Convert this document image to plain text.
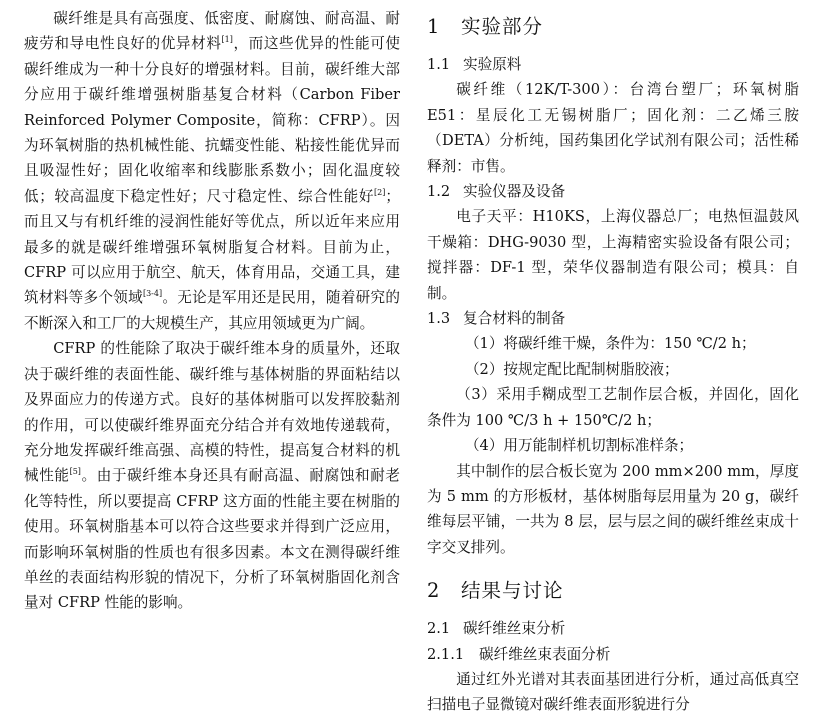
碳纤维是具有高强度、低密度、耐腐蚀、耐高温、耐疲劳和导电性良好的优异材料[1]，而这些优异的性能可使碳纤维成为一种十分良好的增强材料。目前，碳纤维大部分应用于碳纤维增强树脂基复合材料（Carbon Fiber Reinforced Polymer Composite，简称：CFRP）。因为环氧树脂的热机械性能、抗蠕变性能、粘接性能优异而且吸湿性好；固化收缩率和线膨胀系数小；固化温度较低；较高温度下稳定性好；尺寸稳定性、综合性能好[2]；而且又与有机纤维的浸润性能好等优点，所以近年来应用最多的就是碳纤维增强环氧树脂复合材料。目前为止，CFRP 可以应用于航空、航天，体育用品，交通工具，建筑材料等多个领域[3-4]。无论是军用还是民用，随着研究的不断深入和工厂的大规模生产，其应用领域更为广阔。

CFRP 的性能除了取决于碳纤维本身的质量外，还取决于碳纤维的表面性能、碳纤维与基体树脂的界面粘结以及界面应力的传递方式。良好的基体树脂可以发挥胶黏剂的作用，可以使碳纤维界面充分结合并有效地传递载荷，充分地发挥碳纤维高强、高模的特性，提高复合材料的机械性能[5]。由于碳纤维本身还具有耐高温、耐腐蚀和耐老化等特性，所以要提高 CFRP 这方面的性能主要在树脂的使用。环氧树脂基本可以符合这些要求并得到广泛应用，而影响环氧树脂的性质也有很多因素。本文在测得碳纤维单丝的表面结构形貌的情况下，分析了环氧树脂固化剂含量对 CFRP 性能的影响。

1 实验部分
1.1 实验原料

碳纤维（12K/T-300）：台湾台塑厂；环氧树脂 E51：星辰化工无锡树脂厂；固化剂：二乙烯三胺（DETA）分析纯，国药集团化学试剂有限公司；活性稀释剂：市售。

1.2 实验仪器及设备

电子天平：H10KS，上海仪器总厂；电热恒温鼓风干燥箱：DHG-9030 型，上海精密实验设备有限公司；搅拌器：DF-1 型，荣华仪器制造有限公司；模具：自制。

1.3 复合材料的制备

（1）将碳纤维干燥，条件为：150 ℃/2 h；

（2）按规定配比配制树脂胶液；

（3）采用手糊成型工艺制作层合板，并固化，固化条件为 100 ℃/3 h + 150℃/2 h；

（4）用万能制样机切割标准样条；

其中制作的层合板长宽为 200 mm×200 mm，厚度为 5 mm 的方形板材，基体树脂每层用量为 20 g，碳纤维每层平铺，一共为 8 层，层与层之间的碳纤维丝束成十字交叉排列。

2 结果与讨论
2.1 碳纤维丝束分析
2.1.1 碳纤维丝束表面分析

通过红外光谱对其表面基团进行分析，通过高低真空扫描电子显微镜对碳纤维表面形貌进行分
